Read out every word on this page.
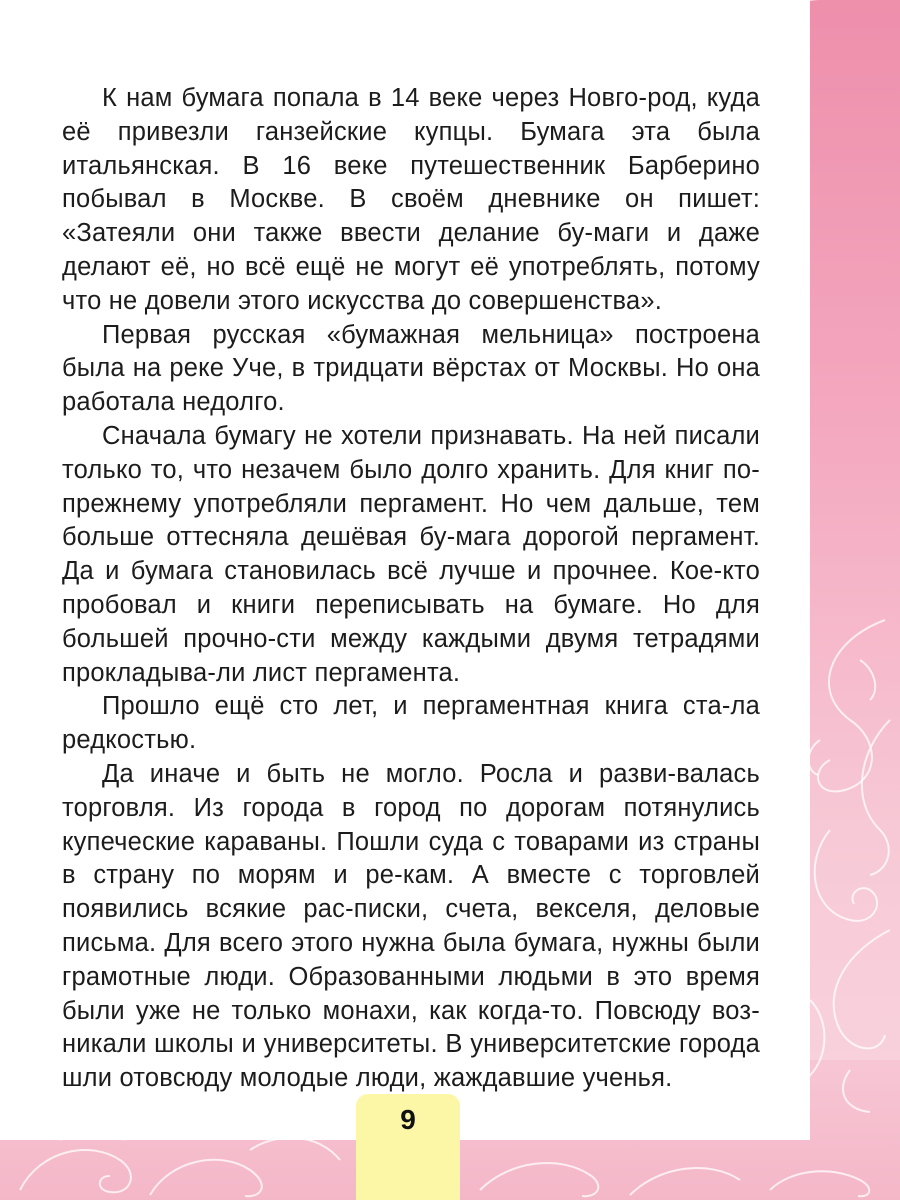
К нам бумага попала в 14 веке через Новго-род, куда её привезли ганзейские купцы. Бумага эта была итальянская. В 16 веке путешественник Барберино побывал в Москве. В своём дневнике он пишет: «Затеяли они также ввести делание бу-маги и даже делают её, но всё ещё не могут её употреблять, потому что не довели этого искусства до совершенства».

Первая русская «бумажная мельница» построена была на реке Уче, в тридцати вёрстах от Москвы. Но она работала недолго.

Сначала бумагу не хотели признавать. На ней писали только то, что незачем было долго хранить. Для книг по-прежнему употребляли пергамент. Но чем дальше, тем больше оттесняла дешёвая бу-мага дорогой пергамент. Да и бумага становилась всё лучше и прочнее. Кое-кто пробовал и книги переписывать на бумаге. Но для большей прочно-сти между каждыми двумя тетрадями прокладыва-ли лист пергамента.

Прошло ещё сто лет, и пергаментная книга ста-ла редкостью.

Да иначе и быть не могло. Росла и разви-валась торговля. Из города в город по дорогам потянулись купеческие караваны. Пошли суда с товарами из страны в страну по морям и ре-кам. А вместе с торговлей появились всякие рас-писки, счета, векселя, деловые письма. Для всего этого нужна была бумага, нужны были грамотные люди. Образованными людьми в это время были уже не только монахи, как когда-то. Повсюду воз-никали школы и университеты. В университетские города шли отовсюду молодые люди, жаждавшие ученья.

9
